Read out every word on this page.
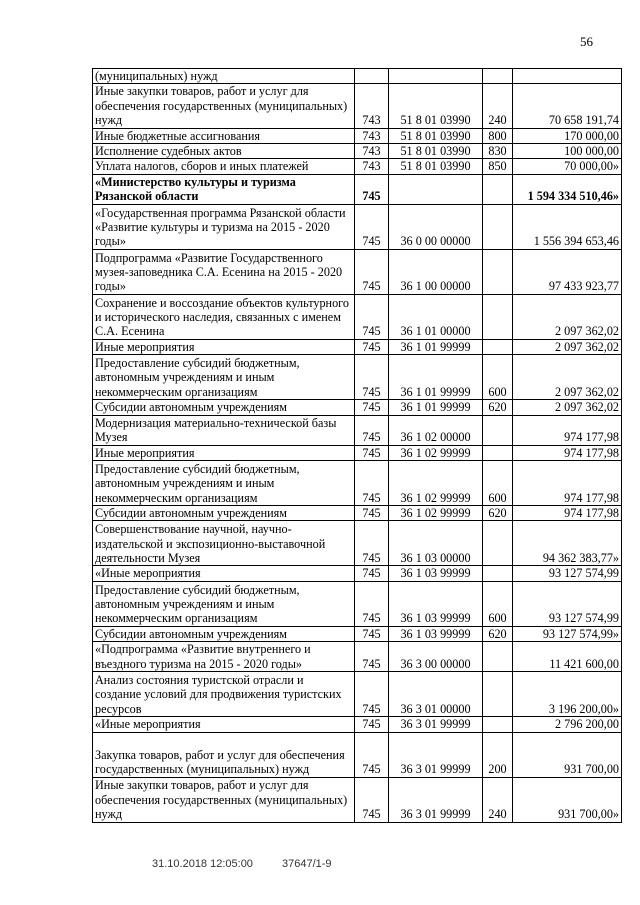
56
(муниципальных) нужд				
Иные закупки товаров, работ и услуг для обеспечения государственных (муниципальных) нужд	743	51 8 01 03990	240	70 658 191,74
Иные бюджетные ассигнования	743	51 8 01 03990	800	170 000,00
Исполнение судебных актов	743	51 8 01 03990	830	100 000,00
Уплата налогов, сборов и иных платежей	743	51 8 01 03990	850	70 000,00»
«Министерство культуры и туризма Рязанской области	745			1 594 334 510,46»
«Государственная программа Рязанской области «Развитие культуры и туризма на 2015 - 2020 годы»	745	36 0 00 00000		1 556 394 653,46
Подпрограмма «Развитие Государственного музея-заповедника С.А. Есенина на 2015 - 2020 годы»	745	36 1 00 00000		97 433 923,77
Сохранение и воссоздание объектов культурного и исторического наследия, связанных с именем С.А. Есенина	745	36 1 01 00000		2 097 362,02
Иные мероприятия	745	36 1 01 99999		2 097 362,02
Предоставление субсидий бюджетным, автономным учреждениям и иным некоммерческим организациям	745	36 1 01 99999	600	2 097 362,02
Субсидии автономным учреждениям	745	36 1 01 99999	620	2 097 362,02
Модернизация материально-технической базы Музея	745	36 1 02 00000		974 177,98
Иные мероприятия	745	36 1 02 99999		974 177,98
Предоставление субсидий бюджетным, автономным учреждениям и иным некоммерческим организациям	745	36 1 02 99999	600	974 177,98
Субсидии автономным учреждениям	745	36 1 02 99999	620	974 177,98
Совершенствование научной, научно-издательской и экспозиционно-выставочной деятельности Музея	745	36 1 03 00000		94 362 383,77»
«Иные мероприятия	745	36 1 03 99999		93 127 574,99
Предоставление субсидий бюджетным, автономным учреждениям и иным некоммерческим организациям	745	36 1 03 99999	600	93 127 574,99
Субсидии автономным учреждениям	745	36 1 03 99999	620	93 127 574,99»
«Подпрограмма «Развитие внутреннего и въездного туризма на 2015 - 2020 годы»	745	36 3 00 00000		11 421 600,00
Анализ состояния туристской отрасли и создание условий для продвижения туристских ресурсов	745	36 3 01 00000		3 196 200,00»
«Иные мероприятия	745	36 3 01 99999		2 796 200,00
Закупка товаров, работ и услуг для обеспечения государственных (муниципальных) нужд	745	36 3 01 99999	200	931 700,00
Иные закупки товаров, работ и услуг для обеспечения государственных (муниципальных) нужд	745	36 3 01 99999	240	931 700,00»
31.10.2018 12:05:00	37647/1-9
